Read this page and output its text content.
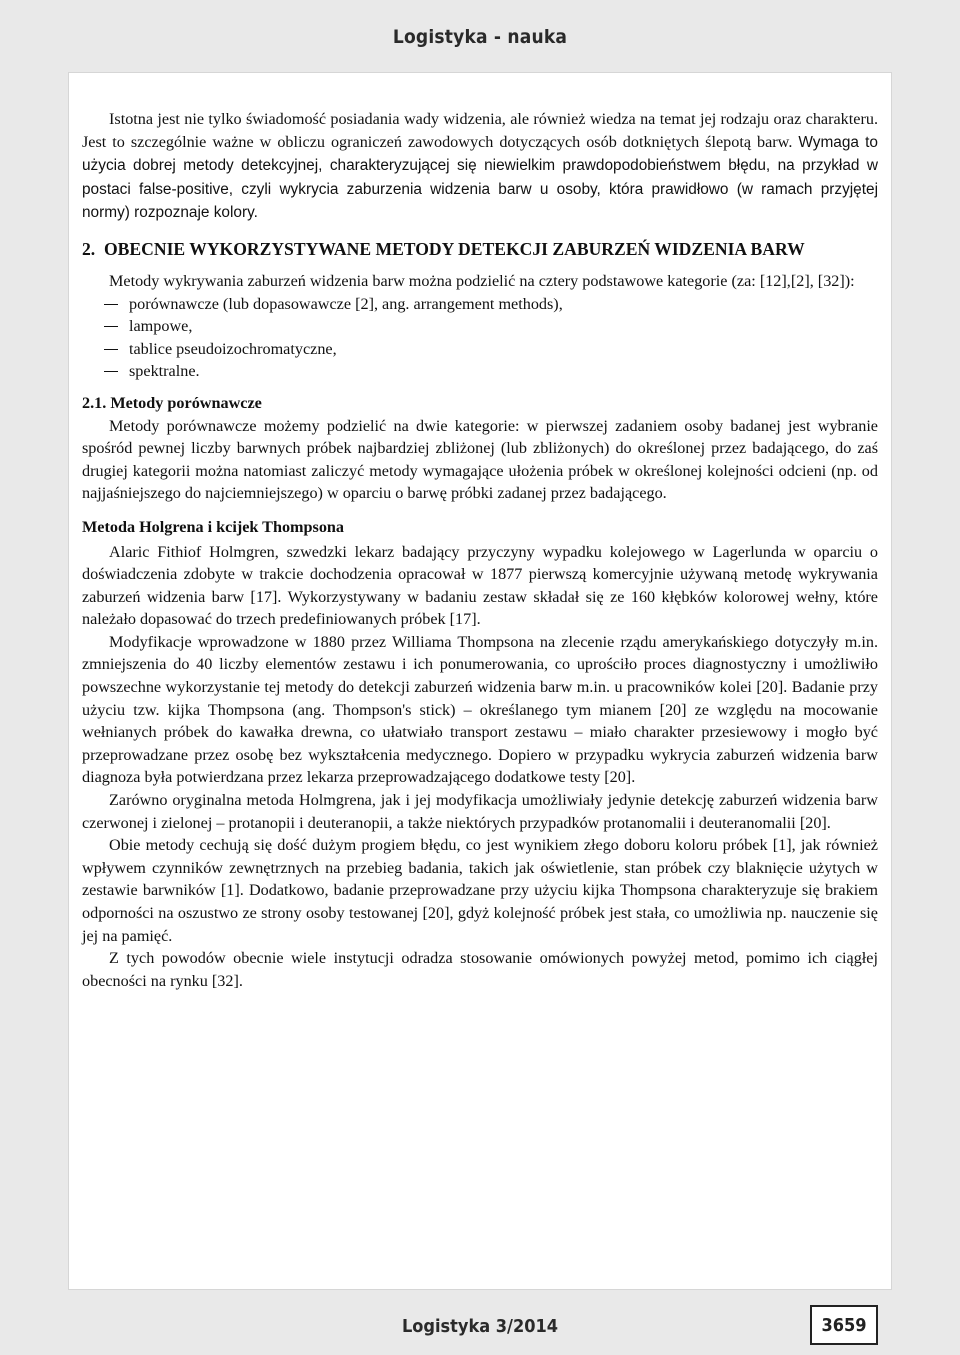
Logistyka - nauka

Istotna jest nie tylko świadomość posiadania wady widzenia, ale również wiedza na temat jej rodzaju oraz charakteru. Jest to szczególnie ważne w obliczu ograniczeń zawodowych dotyczących osób dotkniętych ślepotą barw. Wymaga to użycia dobrej metody detekcyjnej, charakteryzującej się niewielkim prawdopodobieństwem błędu, na przykład w postaci false-positive, czyli wykrycia zaburzenia widzenia barw u osoby, która prawidłowo (w ramach przyjętej normy) rozpoznaje kolory.

2. OBECNIE WYKORZYSTYWANE METODY DETEKCJI ZABURZEŃ WIDZENIA BARW

Metody wykrywania zaburzeń widzenia barw można podzielić na cztery podstawowe kategorie (za: [12],[2], [32]):

porównawcze (lub dopasowawcze [2], ang. arrangement methods),
lampowe,
tablice pseudoizochromatyczne,
spektralne.
2.1. Metody porównawcze

Metody porównawcze możemy podzielić na dwie kategorie: w pierwszej zadaniem osoby badanej jest wybranie spośród pewnej liczby barwnych próbek najbardziej zbliżonej (lub zbliżonych) do określonej przez badającego, do zaś drugiej kategorii można natomiast zaliczyć metody wymagające ułożenia próbek w określonej kolejności odcieni (np. od najjaśniejszego do najciemniejszego) w oparciu o barwę próbki zadanej przez badającego.

Metoda Holgrena i kcijek Thompsona

Alaric Fithiof Holmgren, szwedzki lekarz badający przyczyny wypadku kolejowego w Lagerlunda w oparciu o doświadczenia zdobyte w trakcie dochodzenia opracował w 1877 pierwszą komercyjnie używaną metodę wykrywania zaburzeń widzenia barw [17]. Wykorzystywany w badaniu zestaw składał się ze 160 kłębków kolorowej wełny, które należało dopasować do trzech predefiniowanych próbek [17].

Modyfikacje wprowadzone w 1880 przez Williama Thompsona na zlecenie rządu amerykańskiego dotyczyły m.in. zmniejszenia do 40 liczby elementów zestawu i ich ponumerowania, co uprościło proces diagnostyczny i umożliwiło powszechne wykorzystanie tej metody do detekcji zaburzeń widzenia barw m.in. u pracowników kolei [20]. Badanie przy użyciu tzw. kijka Thompsona (ang. Thompson's stick) – określanego tym mianem [20] ze względu na mocowanie wełnianych próbek do kawałka drewna, co ułatwiało transport zestawu – miało charakter przesiewowy i mogło być przeprowadzane przez osobę bez wykształcenia medycznego. Dopiero w przypadku wykrycia zaburzeń widzenia barw diagnoza była potwierdzana przez lekarza przeprowadzającego dodatkowe testy [20].

Zarówno oryginalna metoda Holmgrena, jak i jej modyfikacja umożliwiały jedynie detekcję zaburzeń widzenia barw czerwonej i zielonej – protanopii i deuteranopii, a także niektórych przypadków protanomalii i deuteranomalii [20].

Obie metody cechują się dość dużym progiem błędu, co jest wynikiem złego doboru koloru próbek [1], jak również wpływem czynników zewnętrznych na przebieg badania, takich jak oświetlenie, stan próbek czy blaknięcie użytych w zestawie barwników [1]. Dodatkowo, badanie przeprowadzane przy użyciu kijka Thompsona charakteryzuje się brakiem odporności na oszustwo ze strony osoby testowanej [20], gdyż kolejność próbek jest stała, co umożliwia np. nauczenie się jej na pamięć.

Z tych powodów obecnie wiele instytucji odradza stosowanie omówionych powyżej metod, pomimo ich ciągłej obecności na rynku [32].

Logistyka 3/2014	3659
